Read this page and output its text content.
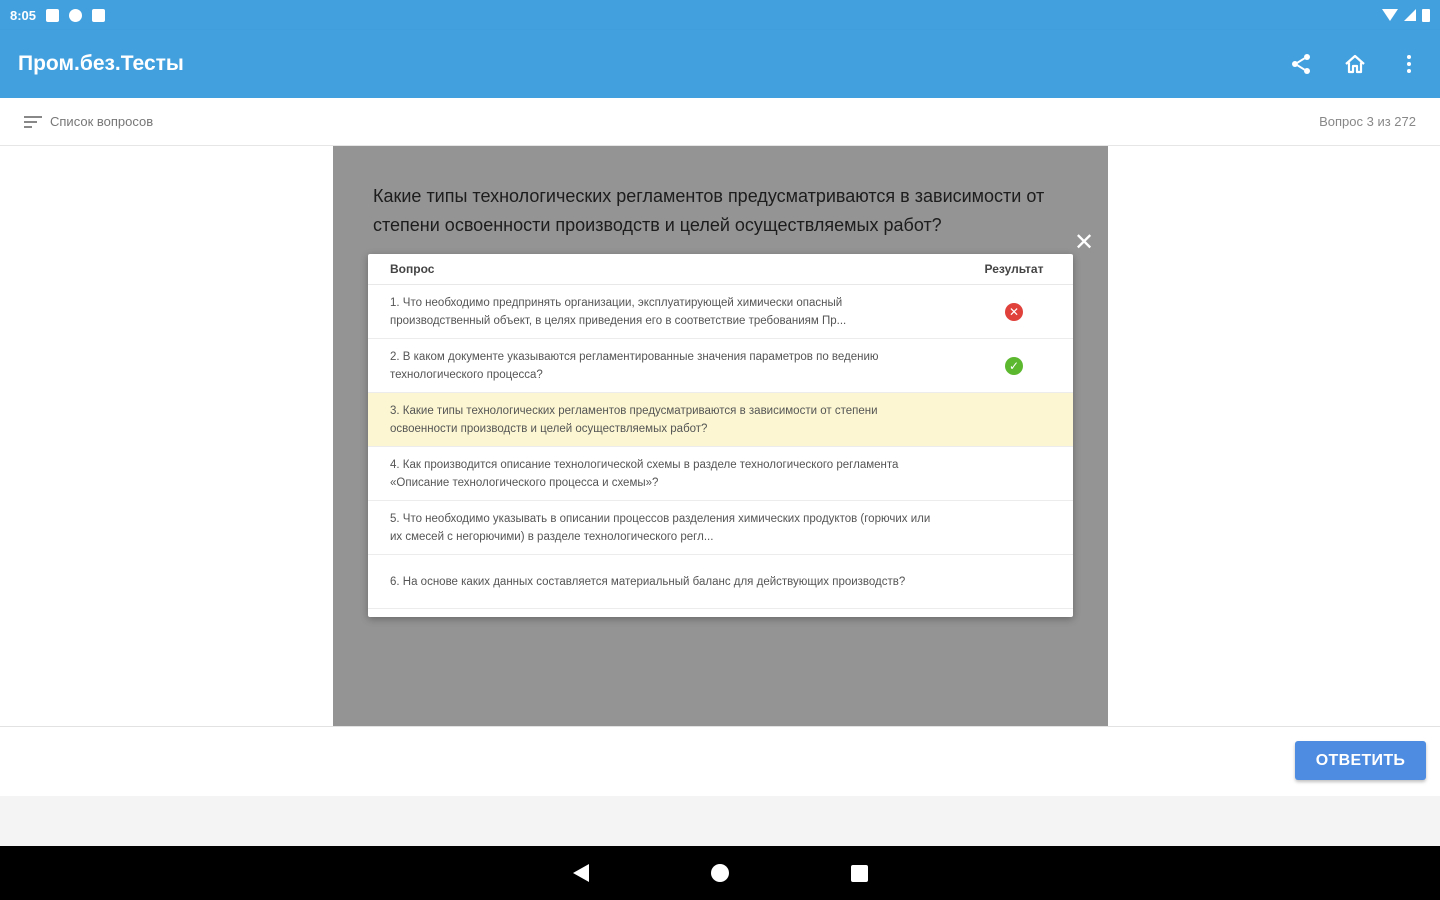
8:05
Пром.без.Тесты
Список вопросов	Вопрос 3 из 272
Какие типы технологических регламентов предусматриваются в зависимости от степени освоенности производств и целей осуществляемых работ?
ОТВЕТИТЬ
✕
Вопрос	Результат
1. Что необходимо предпринять организации, эксплуатирующей химически опасный производственный объект, в целях приведения его в соответствие требованиям Пр...
✕
2. В каком документе указываются регламентированные значения параметров по ведению технологического процесса?
✓
3. Какие типы технологических регламентов предусматриваются в зависимости от степени освоенности производств и целей осуществляемых работ?
4. Как производится описание технологической схемы в разделе технологического регламента «Описание технологического процесса и схемы»?
5. Что необходимо указывать в описании процессов разделения химических продуктов (горючих или их смесей с негорючими) в разделе технологического регл...
6. На основе каких данных составляется материальный баланс для действующих производств?
